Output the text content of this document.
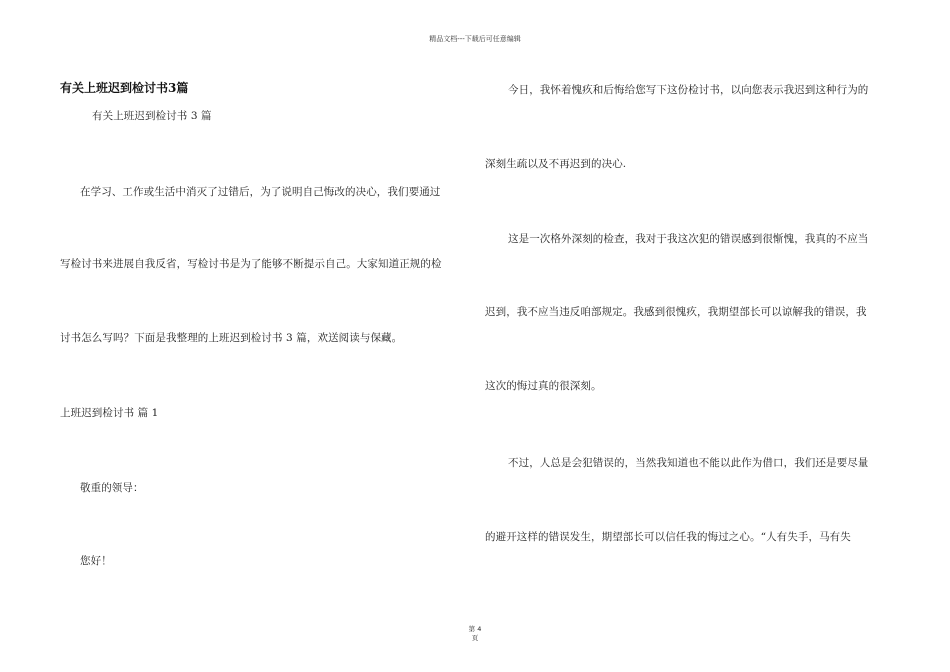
精品文档---下载后可任意编辑
有关上班迟到检讨书3篇
有关上班迟到检讨书 3 篇
在学习、工作或生活中消灭了过错后，为了说明自己悔改的决心，我们要通过
写检讨书来进展自我反省，写检讨书是为了能够不断提示自己。大家知道正规的检
讨书怎么写吗？下面是我整理的上班迟到检讨书 3 篇，欢送阅读与保藏。
上班迟到检讨书 篇 1
敬重的领导：
您好！
今日，我怀着愧疚和后悔给您写下这份检讨书，以向您表示我迟到这种行为的
深刻生疏以及不再迟到的决心.
这是一次格外深刻的检查，我对于我这次犯的错误感到很惭愧，我真的不应当
迟到，我不应当违反咱部规定。我感到很愧疚，我期望部长可以谅解我的错误，我
这次的悔过真的很深刻。
不过，人总是会犯错误的，当然我知道也不能以此作为借口，我们还是要尽量
的避开这样的错误发生，期望部长可以信任我的悔过之心。“人有失手，马有失
第 4
页
